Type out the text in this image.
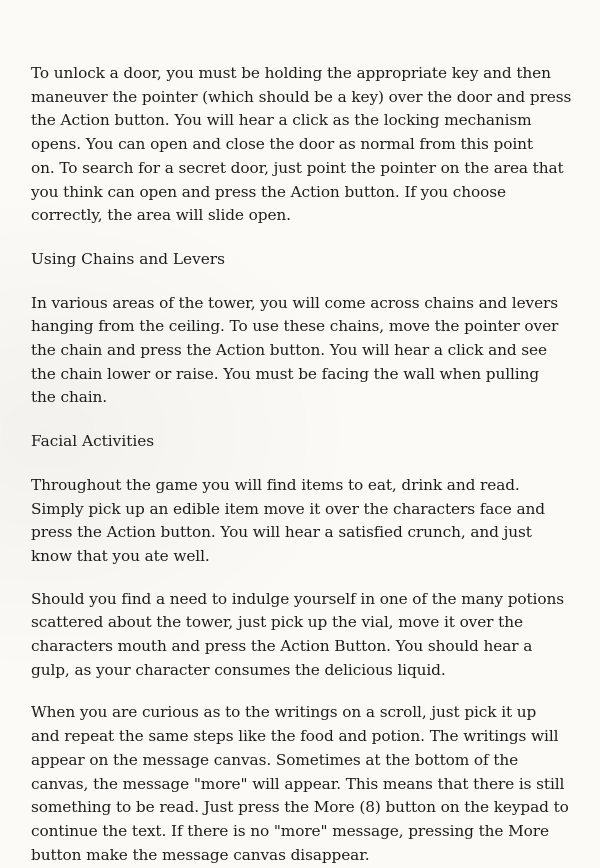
To unlock a door, you must be holding the appropriate key and then
maneuver the pointer (which should be a key) over the door and press
the Action button. You will hear a click as the locking mechanism
opens. You can open and close the door as normal from this point
on. To search for a secret door, just point the pointer on the area that
you think can open and press the Action button. If you choose
correctly, the area will slide open.

Using Chains and Levers

In various areas of the tower, you will come across chains and levers
hanging from the ceiling. To use these chains, move the pointer over
the chain and press the Action button. You will hear a click and see
the chain lower or raise. You must be facing the wall when pulling
the chain.

Facial Activities

Throughout the game you will find items to eat, drink and read.
Simply pick up an edible item move it over the characters face and
press the Action button. You will hear a satisfied crunch, and just
know that you ate well.

Should you find a need to indulge yourself in one of the many potions
scattered about the tower, just pick up the vial, move it over the
characters mouth and press the Action Button. You should hear a
gulp, as your character consumes the delicious liquid.

When you are curious as to the writings on a scroll, just pick it up
and repeat the same steps like the food and potion. The writings will
appear on the message canvas. Sometimes at the bottom of the
canvas, the message "more" will appear. This means that there is still
something to be read. Just press the More (8) button on the keypad to
continue the text. If there is no "more" message, pressing the More
button make the message canvas disappear.
